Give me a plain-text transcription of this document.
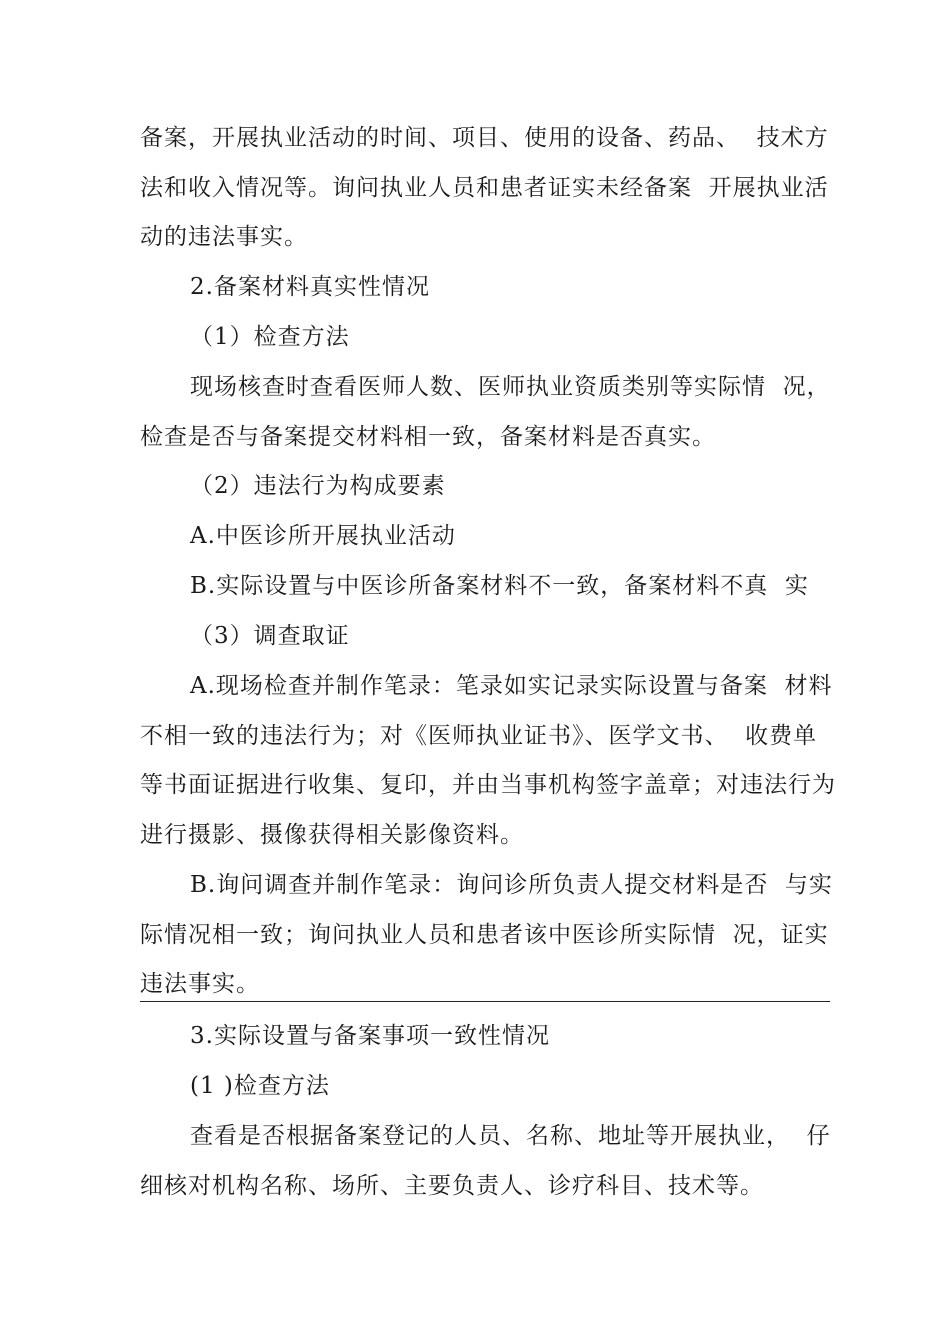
备案，开展执业活动的时间、项目、使用的设备、药品、  技术方
法和收入情况等。询问执业人员和患者证实未经备案  开展执业活
动的违法事实。
2.备案材料真实性情况
（1）检查方法
现场核查时查看医师人数、医师执业资质类别等实际情  况，
检查是否与备案提交材料相一致，备案材料是否真实。
（2）违法行为构成要素
A.中医诊所开展执业活动
B.实际设置与中医诊所备案材料不一致，备案材料不真  实
（3）调查取证
A.现场检查并制作笔录：笔录如实记录实际设置与备案  材料
不相一致的违法行为；对《医师执业证书》、医学文书、  收费单
等书面证据进行收集、复印，并由当事机构签字盖章；对违法行为
进行摄影、摄像获得相关影像资料。
B.询问调查并制作笔录：询问诊所负责人提交材料是否  与实
际情况相一致；询问执业人员和患者该中医诊所实际情  况，证实
违法事实。
3.实际设置与备案事项一致性情况
(1 )检查方法
查看是否根据备案登记的人员、名称、地址等开展执业，  仔
细核对机构名称、场所、主要负责人、诊疗科目、技术等。
